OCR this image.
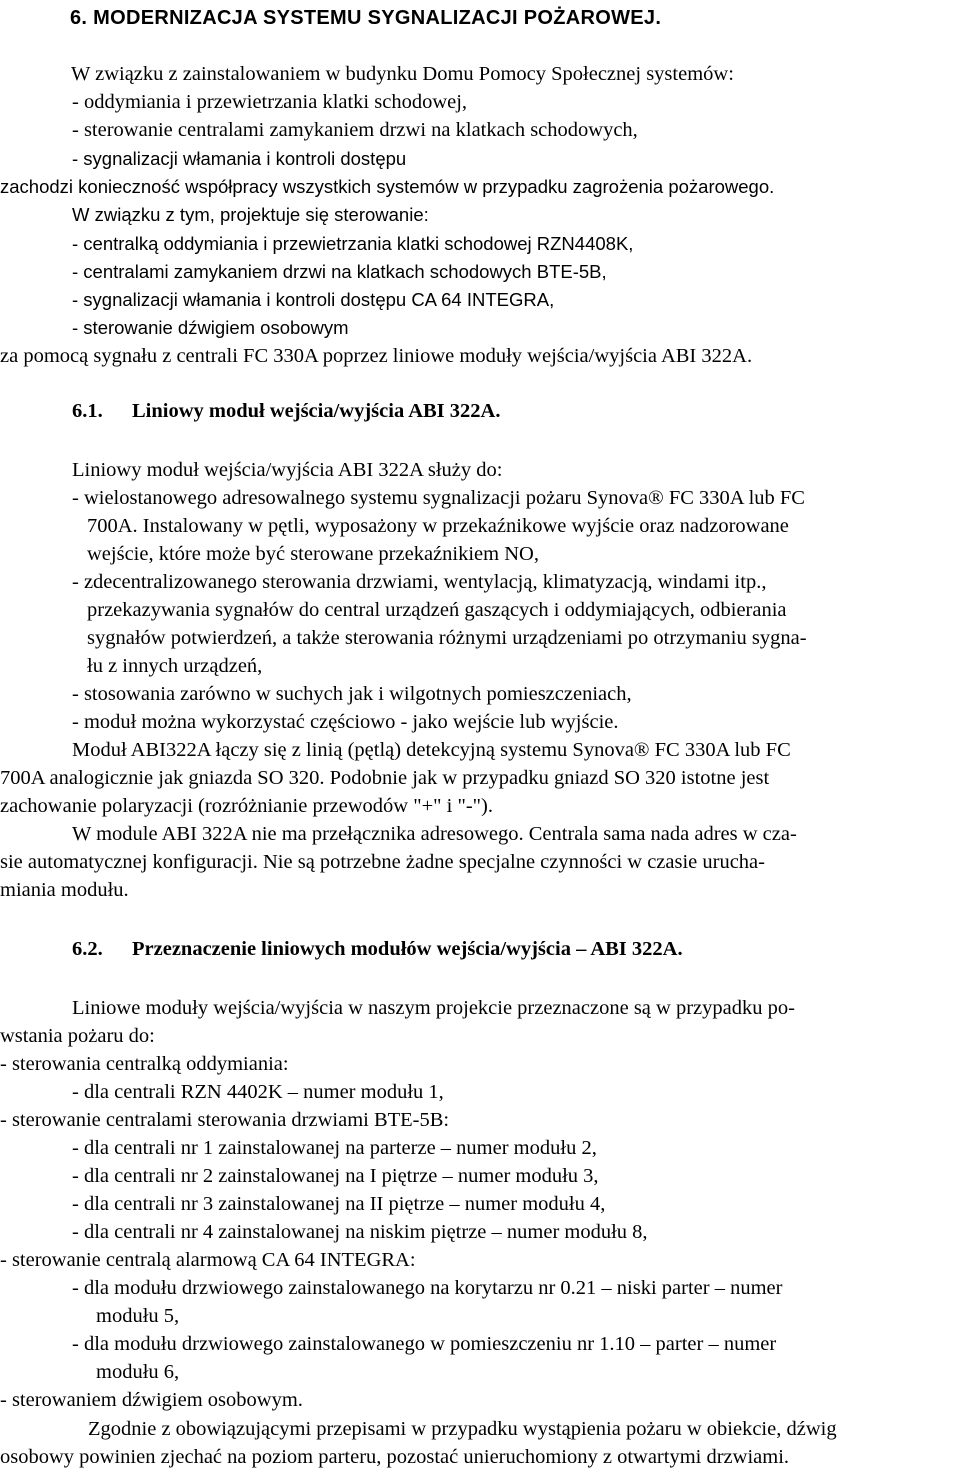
6. MODERNIZACJA SYSTEMU SYGNALIZACJI POŻAROWEJ.
W związku z zainstalowaniem w budynku Domu Pomocy Społecznej systemów:
- oddymiania i przewietrzania klatki schodowej,
- sterowanie centralami zamykaniem drzwi na klatkach schodowych,
- sygnalizacji włamania i kontroli dostępu
zachodzi konieczność współpracy wszystkich systemów w przypadku zagrożenia pożarowego.
W związku z tym, projektuje się sterowanie:
- centralką oddymiania i przewietrzania klatki schodowej RZN4408K,
- centralami zamykaniem drzwi na klatkach schodowych BTE-5B,
- sygnalizacji włamania i kontroli dostępu CA 64 INTEGRA,
- sterowanie dźwigiem osobowym
za pomocą sygnału z centrali FC 330A poprzez liniowe moduły wejścia/wyjścia ABI 322A.
6.1. Liniowy moduł wejścia/wyjścia ABI 322A.
Liniowy moduł wejścia/wyjścia ABI 322A służy do:
- wielostanowego adresowalnego systemu sygnalizacji pożaru Synova® FC 330A lub FC
700A. Instalowany w pętli, wyposażony w przekaźnikowe wyjście oraz nadzorowane
wejście, które może być sterowane przekaźnikiem NO,
- zdecentralizowanego sterowania drzwiami, wentylacją, klimatyzacją, windami itp.,
przekazywania sygnałów do central urządzeń gaszących i oddymiających, odbierania
sygnałów potwierdzeń, a także sterowania różnymi urządzeniami po otrzymaniu sygna-
łu z innych urządzeń,
- stosowania zarówno w suchych jak i wilgotnych pomieszczeniach,
- moduł można wykorzystać częściowo - jako wejście lub wyjście.
Moduł ABI322A łączy się z linią (pętlą) detekcyjną systemu Synova® FC 330A lub FC
700A analogicznie jak gniazda SO 320. Podobnie jak w przypadku gniazd SO 320 istotne jest
zachowanie polaryzacji (rozróżnianie przewodów "+" i "-").
W module ABI 322A nie ma przełącznika adresowego. Centrala sama nada adres w cza-
sie automatycznej konfiguracji. Nie są potrzebne żadne specjalne czynności w czasie urucha-
miania modułu.
6.2. Przeznaczenie liniowych modułów wejścia/wyjścia – ABI 322A.
Liniowe moduły wejścia/wyjścia w naszym projekcie przeznaczone są w przypadku po-
wstania pożaru do:
- sterowania centralką oddymiania:
- dla centrali RZN 4402K – numer modułu 1,
- sterowanie centralami sterowania drzwiami BTE-5B:
- dla centrali nr 1 zainstalowanej na parterze – numer modułu 2,
- dla centrali nr 2 zainstalowanej na I piętrze – numer modułu 3,
- dla centrali nr 3 zainstalowanej na II piętrze – numer modułu 4,
- dla centrali nr 4 zainstalowanej na niskim piętrze – numer modułu 8,
- sterowanie centralą alarmową CA 64 INTEGRA:
- dla modułu drzwiowego zainstalowanego na korytarzu nr 0.21 – niski parter – numer
modułu 5,
- dla modułu drzwiowego zainstalowanego w pomieszczeniu nr 1.10 – parter – numer
modułu 6,
- sterowaniem dźwigiem osobowym.
Zgodnie z obowiązującymi przepisami w przypadku wystąpienia pożaru w obiekcie, dźwig
osobowy powinien zjechać na poziom parteru, pozostać unieruchomiony z otwartymi drzwiami.
